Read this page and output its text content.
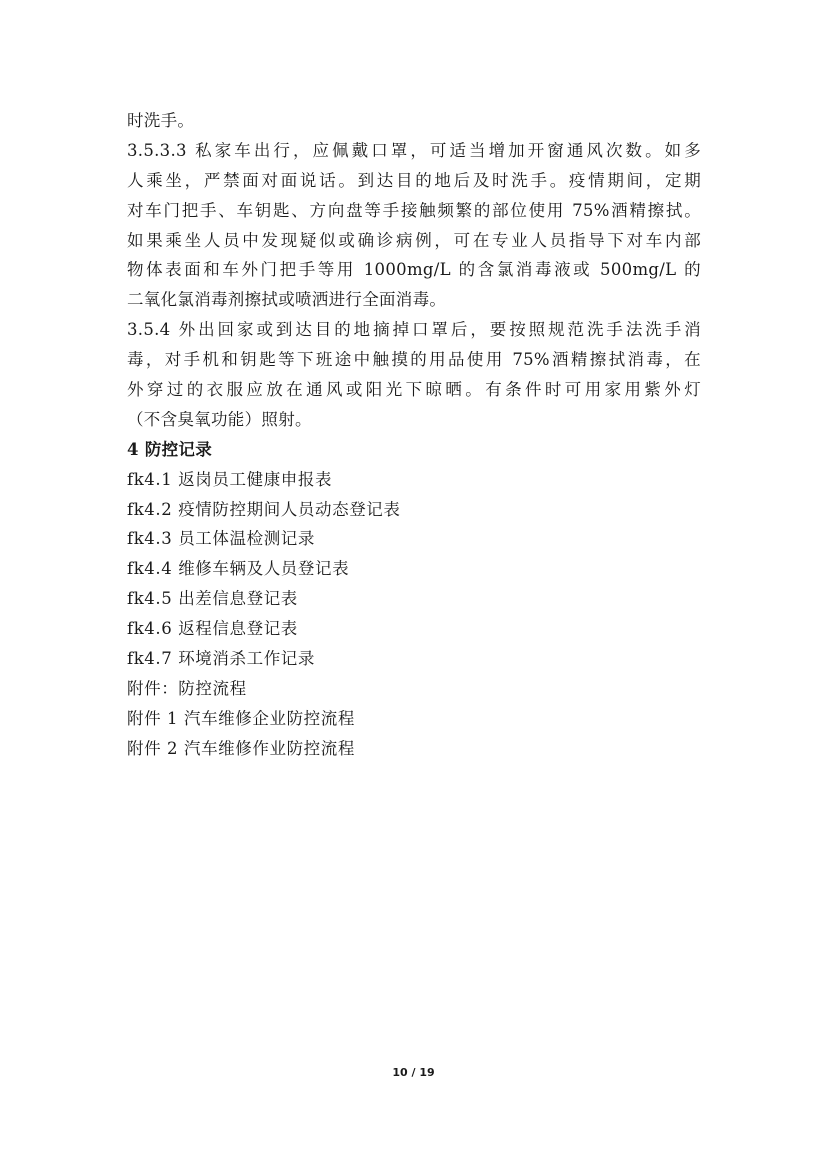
时洗手。
3.5.3.3 私家车出行，应佩戴口罩，可适当增加开窗通风次数。如多
人乘坐，严禁面对面说话。到达目的地后及时洗手。疫情期间，定期
对车门把手、车钥匙、方向盘等手接触频繁的部位使用 75%酒精擦拭。
如果乘坐人员中发现疑似或确诊病例，可在专业人员指导下对车内部
物体表面和车外门把手等用 1000mg/L 的含氯消毒液或 500mg/L 的
二氧化氯消毒剂擦拭或喷洒进行全面消毒。
3.5.4 外出回家或到达目的地摘掉口罩后，要按照规范洗手法洗手消
毒，对手机和钥匙等下班途中触摸的用品使用 75%酒精擦拭消毒，在
外穿过的衣服应放在通风或阳光下晾晒。有条件时可用家用紫外灯
（不含臭氧功能）照射。
4 防控记录
fk4.1 返岗员工健康申报表
fk4.2 疫情防控期间人员动态登记表
fk4.3 员工体温检测记录
fk4.4 维修车辆及人员登记表
fk4.5 出差信息登记表
fk4.6 返程信息登记表
fk4.7 环境消杀工作记录
附件：防控流程
附件 1 汽车维修企业防控流程
附件 2 汽车维修作业防控流程
10 / 19
